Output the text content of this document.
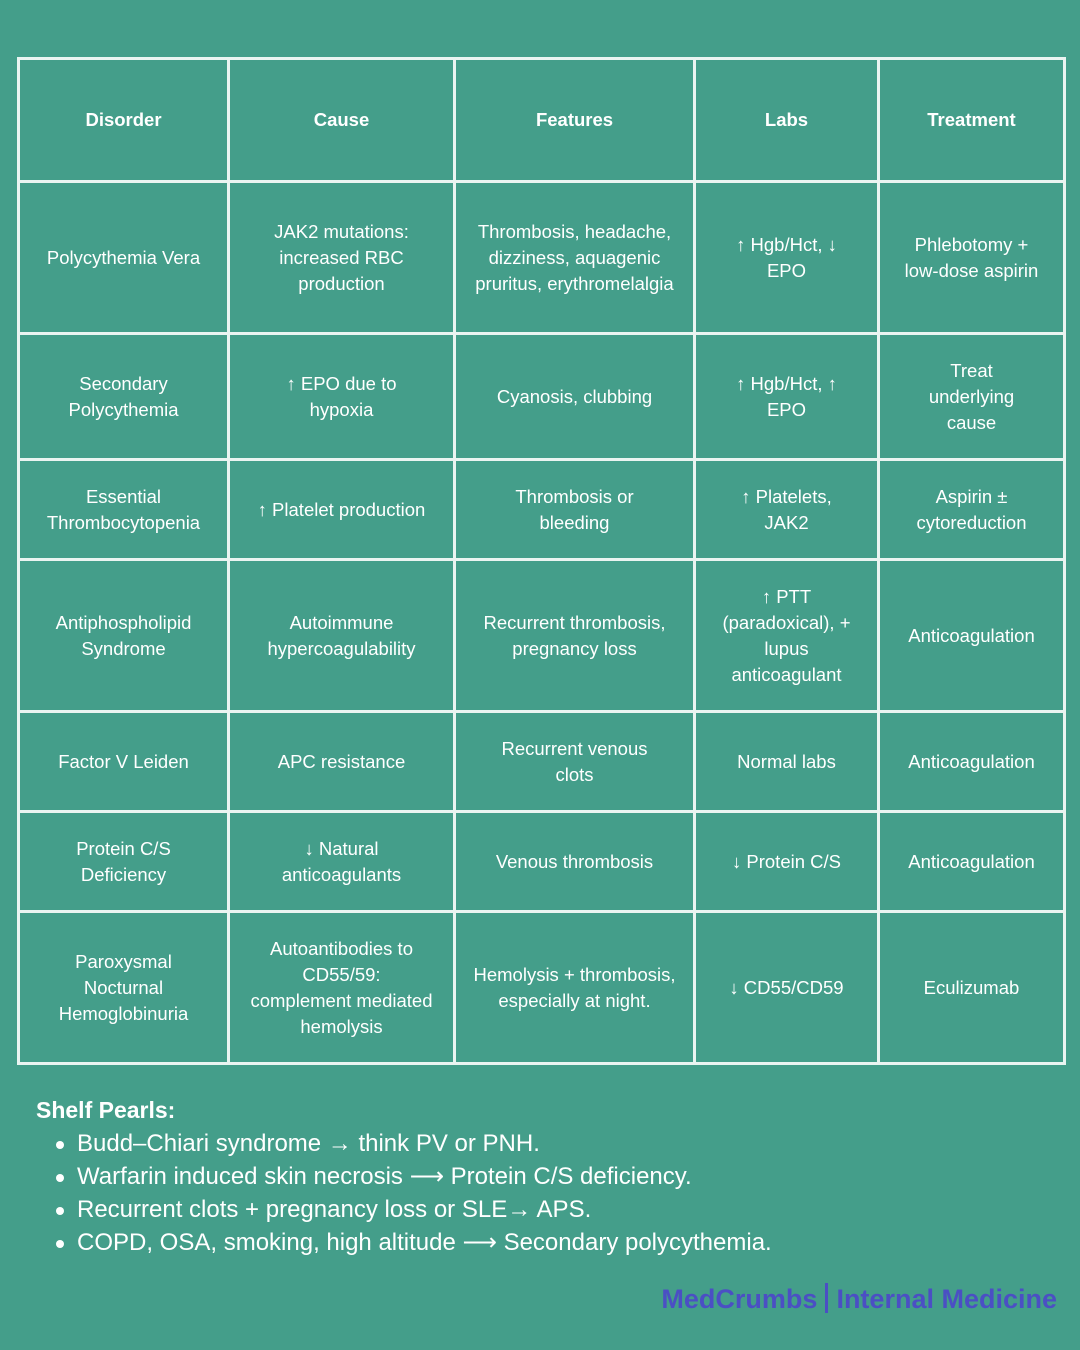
Disorder	Cause	Features	Labs	Treatment
Polycythemia Vera	JAK2 mutations: increased RBC production	Thrombosis, headache, dizziness, aquagenic pruritus, erythromelalgia	↑ Hgb/Hct, ↓ EPO	Phlebotomy + low-dose aspirin
Secondary Polycythemia	↑ EPO due to hypoxia	Cyanosis, clubbing	↑ Hgb/Hct, ↑ EPO	Treat underlying cause
Essential Thrombocytopenia	↑ Platelet production	Thrombosis or bleeding	↑ Platelets, JAK2	Aspirin ± cytoreduction
Antiphospholipid Syndrome	Autoimmune hypercoagulability	Recurrent thrombosis, pregnancy loss	↑ PTT (paradoxical), + lupus anticoagulant	Anticoagulation
Factor V Leiden	APC resistance	Recurrent venous clots	Normal labs	Anticoagulation
Protein C/S Deficiency	↓ Natural anticoagulants	Venous thrombosis	↓ Protein C/S	Anticoagulation
Paroxysmal Nocturnal Hemoglobinuria	Autoantibodies to CD55/59: complement mediated hemolysis	Hemolysis + thrombosis, especially at night.	↓ CD55/CD59	Eculizumab

Shelf Pearls:

Budd–Chiari syndrome → think PV or PNH.
Warfarin induced skin necrosis ⟶ Protein C/S deficiency.
Recurrent clots + pregnancy loss or SLE→ APS.
COPD, OSA, smoking, high altitude ⟶ Secondary polycythemia.
MedCrumbs Internal Medicine
